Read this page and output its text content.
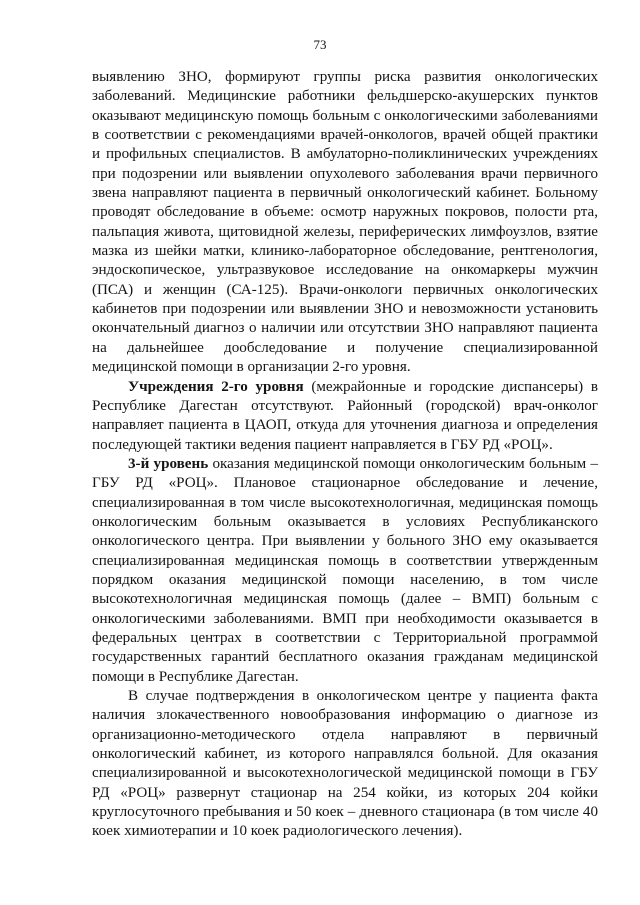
73

выявлению ЗНО, формируют группы риска развития онкологических заболеваний. Медицинские работники фельдшерско-акушерских пунктов оказывают медицинскую помощь больным с онкологическими заболеваниями в соответствии с рекомендациями врачей-онкологов, врачей общей практики и профильных специалистов. В амбулаторно-поликлинических учреждениях при подозрении или выявлении опухолевого заболевания врачи первичного звена направляют пациента в первичный онкологический кабинет. Больному проводят обследование в объеме: осмотр наружных покровов, полости рта, пальпация живота, щитовидной железы, периферических лимфоузлов, взятие мазка из шейки матки, клинико-лабораторное обследование, рентгенология, эндоскопическое, ультразвуковое исследование на онкомаркеры мужчин (ПСА) и женщин (СА-125). Врачи-онкологи первичных онкологических кабинетов при подозрении или выявлении ЗНО и невозможности установить окончательный диагноз о наличии или отсутствии ЗНО направляют пациента на дальнейшее дообследование и получение специализированной медицинской помощи в организации 2-го уровня.

Учреждения 2-го уровня (межрайонные и городские диспансеры) в Республике Дагестан отсутствуют. Районный (городской) врач-онколог направляет пациента в ЦАОП, откуда для уточнения диагноза и определения последующей тактики ведения пациент направляется в ГБУ РД «РОЦ».

3-й уровень оказания медицинской помощи онкологическим больным – ГБУ РД «РОЦ». Плановое стационарное обследование и лечение, специализированная в том числе высокотехнологичная, медицинская помощь онкологическим больным оказывается в условиях Республиканского онкологического центра. При выявлении у больного ЗНО ему оказывается специализированная медицинская помощь в соответствии утвержденным порядком оказания медицинской помощи населению, в том числе высокотехнологичная медицинская помощь (далее – ВМП) больным с онкологическими заболеваниями. ВМП при необходимости оказывается в федеральных центрах в соответствии с Территориальной программой государственных гарантий бесплатного оказания гражданам медицинской помощи в Республике Дагестан.

В случае подтверждения в онкологическом центре у пациента факта наличия злокачественного новообразования информацию о диагнозе из организационно-методического отдела направляют в первичный онкологический кабинет, из которого направлялся больной. Для оказания специализированной и высокотехнологической медицинской помощи в ГБУ РД «РОЦ» развернут стационар на 254 койки, из которых 204 койки круглосуточного пребывания и 50 коек – дневного стационара (в том числе 40 коек химиотерапии и 10 коек радиологического лечения).
